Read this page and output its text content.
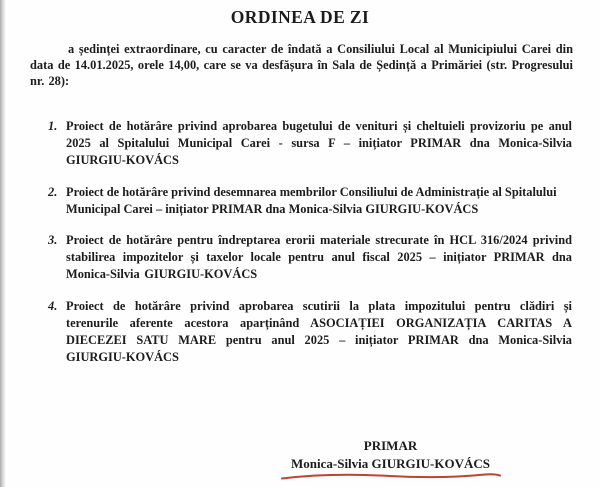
ORDINEA DE ZI

a ședinței extraordinare, cu caracter de îndată a Consiliului Local al Municipiului Carei din data de 14.01.2025, orele 14,00, care se va desfășura în Sala de Ședință a Primăriei (str. Progresului nr. 28):

1. Proiect de hotărâre privind aprobarea bugetului de venituri și cheltuieli provizoriu pe anul 2025 al Spitalului Municipal Carei - sursa F – inițiator PRIMAR dna Monica-Silvia GIURGIU-KOVÁCS
2. Proiect de hotărâre privind desemnarea membrilor Consiliului de Administrație al Spitalului Municipal Carei – inițiator PRIMAR dna Monica-Silvia GIURGIU-KOVÁCS
3. Proiect de hotărâre pentru îndreptarea erorii materiale strecurate în HCL 316/2024 privind stabilirea impozitelor și taxelor locale pentru anul fiscal 2025 – inițiator PRIMAR dna Monica-Silvia GIURGIU-KOVÁCS
4. Proiect de hotărâre privind aprobarea scutirii la plata impozitului pentru clădiri și terenurile aferente acestora aparținând ASOCIAȚIEI ORGANIZAȚIA CARITAS A DIECEZEI SATU MARE pentru anul 2025 – inițiator PRIMAR dna Monica-Silvia GIURGIU-KOVÁCS
PRIMAR
Monica-Silvia GIURGIU-KOVÁCS
